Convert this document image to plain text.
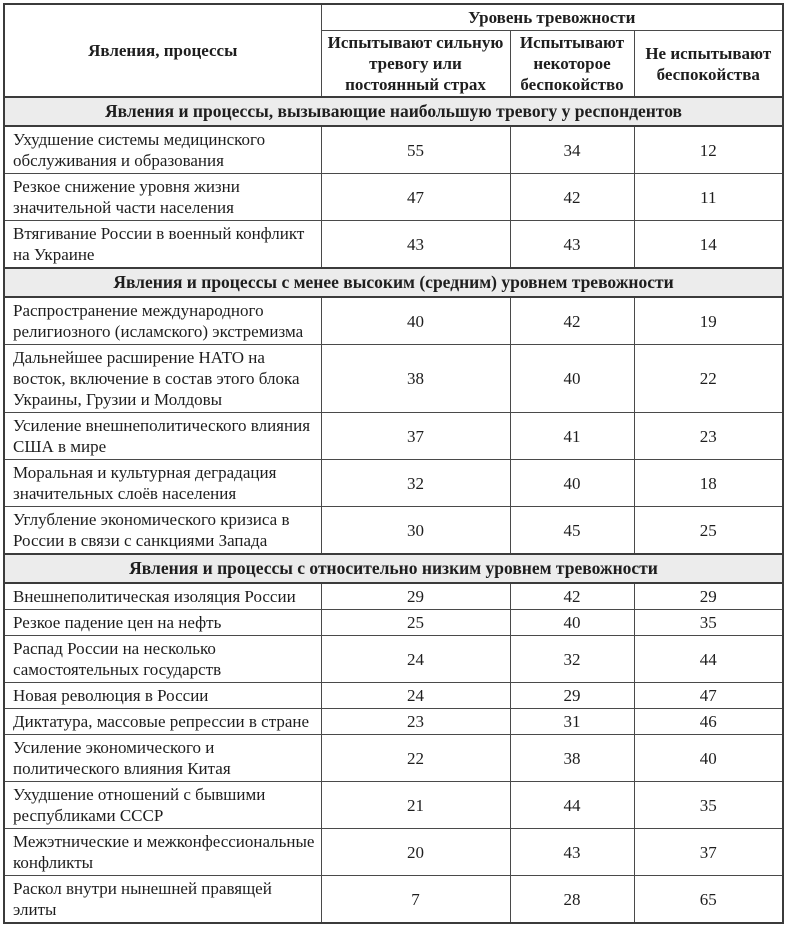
Явления, процессы	Уровень тревожности		
	Испытывают сильную тревогу или постоянный страх	Испытывают некоторое беспокойство	Не испытывают беспокойства
Явления и процессы, вызывающие наибольшую тревогу у респондентов			
Ухудшение системы медицинского обслуживания и образования	55	34	12
Резкое снижение уровня жизни значительной части населения	47	42	11
Втягивание России в военный конфликт на Украине	43	43	14
Явления и процессы с менее высоким (средним) уровнем тревожности			
Распространение международного религиозного (исламского) экстремизма	40	42	19
Дальнейшее расширение НАТО на восток, включение в состав этого блока Украины, Грузии и Молдовы	38	40	22
Усиление внешнеполитического влияния США в мире	37	41	23
Моральная и культурная деградация значительных слоёв населения	32	40	18
Углубление экономического кризиса в России в связи с санкциями Запада	30	45	25
Явления и процессы с относительно низким уровнем тревожности			
Внешнеполитическая изоляция России	29	42	29
Резкое падение цен на нефть	25	40	35
Распад России на несколько самостоятельных государств	24	32	44
Новая революция в России	24	29	47
Диктатура, массовые репрессии в стране	23	31	46
Усиление экономического и политического влияния Китая	22	38	40
Ухудшение отношений с бывшими республиками СССР	21	44	35
Межэтнические и межконфессиональные конфликты	20	43	37
Раскол внутри нынешней правящей элиты	7	28	65
